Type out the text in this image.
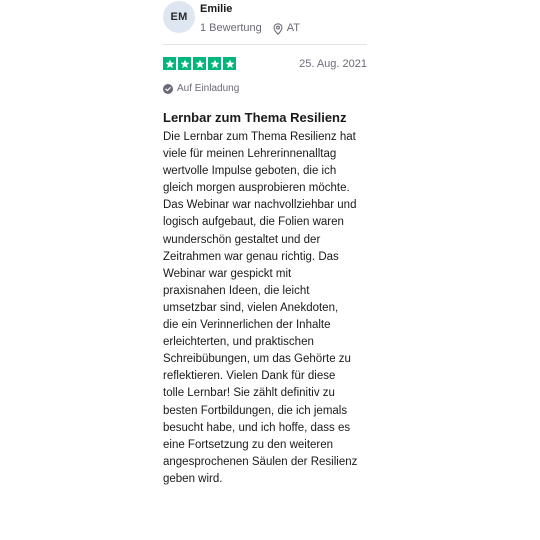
EM
Emilie
1 Bewertung AT
25. Aug. 2021
Auf Einladung
Lernbar zum Thema Resilienz
Die Lernbar zum Thema Resilienz hat
viele für meinen Lehrerinnenalltag
wertvolle Impulse geboten, die ich
gleich morgen ausprobieren möchte.
Das Webinar war nachvollziehbar und
logisch aufgebaut, die Folien waren
wunderschön gestaltet und der
Zeitrahmen war genau richtig. Das
Webinar war gespickt mit
praxisnahen Ideen, die leicht
umsetzbar sind, vielen Anekdoten,
die ein Verinnerlichen der Inhalte
erleichterten, und praktischen
Schreibübungen, um das Gehörte zu
reflektieren. Vielen Dank für diese
tolle Lernbar! Sie zählt definitiv zu
besten Fortbildungen, die ich jemals
besucht habe, und ich hoffe, dass es
eine Fortsetzung zu den weiteren
angesprochenen Säulen der Resilienz
geben wird.
